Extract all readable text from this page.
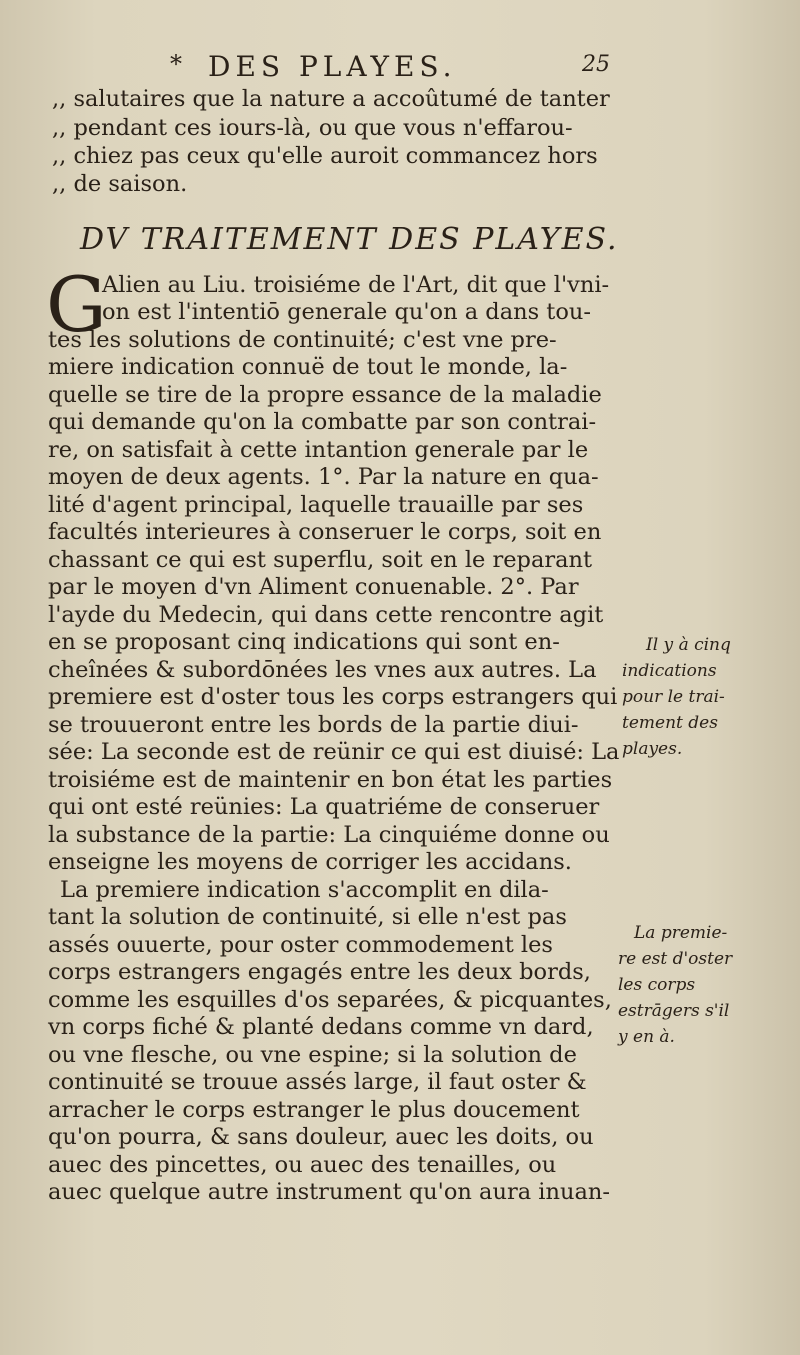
* DES PLAYES.	25
,, salutaires que la nature a accoûtumé de tanter
,, pendant ces iours-là, ou que vous n'effarou-
,, chiez pas ceux qu'elle auroit commancez hors
,, de saison.
DV TRAITEMENT DES PLAYES.
G
Alien au Liu. troisiéme de l'Art, dit que l'vni-
on est l'intentiō generale qu'on a dans tou-
tes les solutions de continuité; c'est vne pre-
miere indication connuë de tout le monde, la-
quelle se tire de la propre essance de la maladie
qui demande qu'on la combatte par son contrai-
re, on satisfait à cette intantion generale par le
moyen de deux agents. 1°. Par la nature en qua-
lité d'agent principal, laquelle trauaille par ses
facultés interieures à conseruer le corps, soit en
chassant ce qui est superflu, soit en le reparant
par le moyen d'vn Aliment conuenable. 2°. Par
l'ayde du Medecin, qui dans cette rencontre agit
en se proposant cinq indications qui sont en-
cheînées & subordōnées les vnes aux autres. La
premiere est d'oster tous les corps estrangers qui
se trouueront entre les bords de la partie diui-
sée: La seconde est de reünir ce qui est diuisé: La
troisiéme est de maintenir en bon état les parties
qui ont esté reünies: La quatriéme de conseruer
la substance de la partie: La cinquiéme donne ou
enseigne les moyens de corriger les accidans.
La premiere indication s'accomplit en dila-
tant la solution de continuité, si elle n'est pas
assés ouuerte, pour oster commodement les
corps estrangers engagés entre les deux bords,
comme les esquilles d'os separées, & picquantes,
vn corps fiché & planté dedans comme vn dard,
ou vne flesche, ou vne espine; si la solution de
continuité se trouue assés large, il faut oster &
arracher le corps estranger le plus doucement
qu'on pourra, & sans douleur, auec les doits, ou
auec des pincettes, ou auec des tenailles, ou
auec quelque autre instrument qu'on aura inuan-
Il y à cinq
indications
pour le trai-
tement des
playes.
La premie-
re est d'oster
les corps
estrāgers s'il
y en à.
